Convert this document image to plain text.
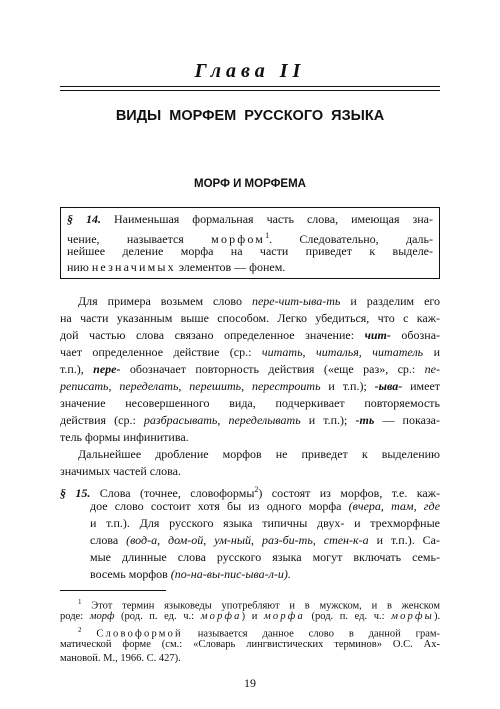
Глава II
ВИДЫ МОРФЕМ РУССКОГО ЯЗЫКА
МОРФ И МОРФЕМА
§ 14. Наименьшая формальная часть слова, имеющая зна-
чение, называется морфом$^1$. Следовательно, даль-
нейшее деление морфа на части приведет к выделе-
нию незначимых элементов — фонем.
Для примера возьмем слово пере-чит-ыва-ть и разделим его
на части указанным выше способом. Легко убедиться, что с каж-
дой частью слова связано определенное значение: чит- обозна-
чает определенное действие (ср.: читать, читалья, читатель и
т.п.), пере- обозначает повторность действия («еще раз», ср.: пе-
реписать, переделать, перешить, перестроить и т.п.); -ыва- имеет
значение несовершенного вида, подчеркивает повторяемость
действия (ср.: разбрасывать, переделывать и т.п.); -ть — показа-
тель формы инфинитива.
Дальнейшее дробление морфов не приведет к выделению
значимых частей слова.
§ 15. Слова (точнее, словоформы$^2$) состоят из морфов, т.е. каж-
дое слово состоит хотя бы из одного морфа (вчера, там, где
и т.п.). Для русского языка типичны двух- и трехморфные
слова (вод-а, дом-ой, ум-ный, раз-би-ть, стен-к-а и т.п.). Са-
мые длинные слова русского языка могут включать семь-
восемь морфов (по-на-вы-пис-ыва-л-и).
$^1$ Этот термин языковеды употребляют и в мужском, и в женском
роде: морф (род. п. ед. ч.: морфа) и морфа (род. п. ед. ч.: морфы).
$^2$ Словоформой называется данное слово в данной грам-
матической форме (см.: «Словарь лингвистических терминов» О.С. Ах-
мановой. М., 1966. С. 427).
19
